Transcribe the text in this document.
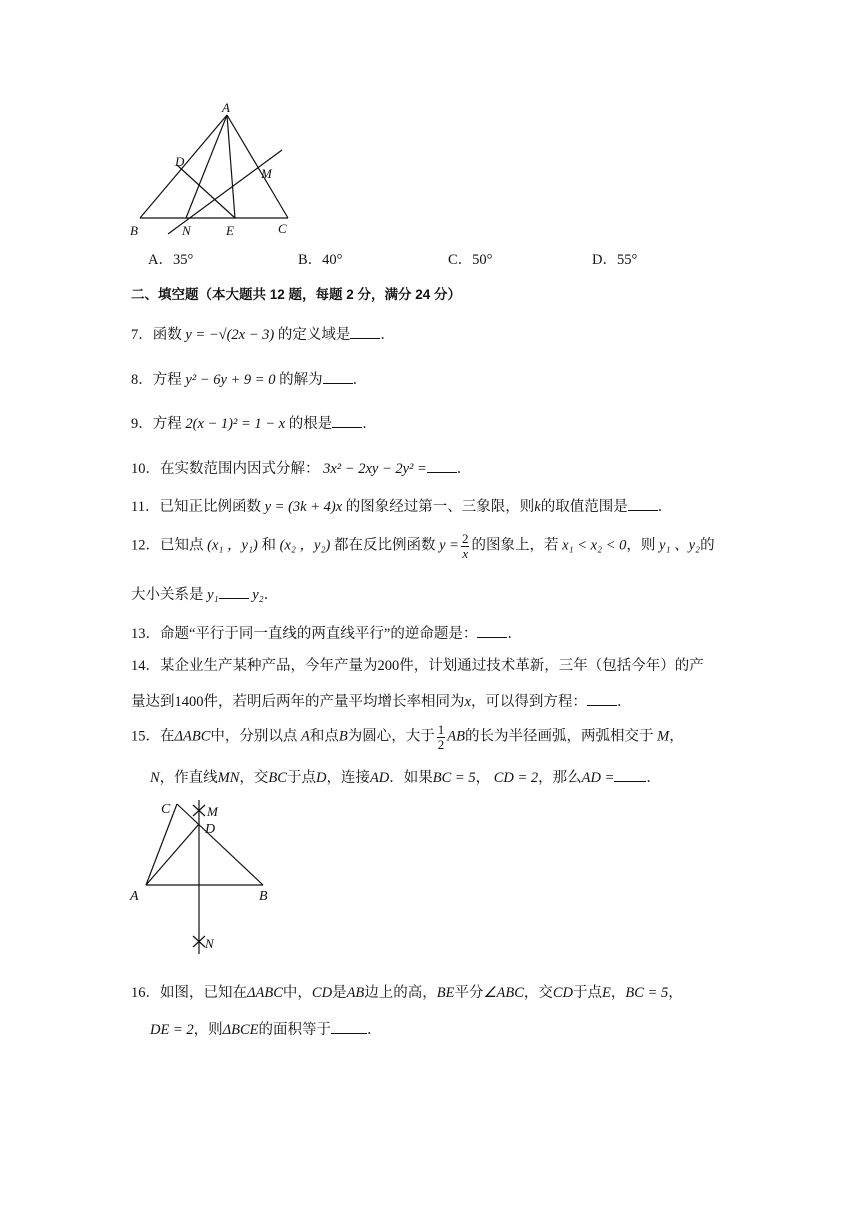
A
D
M
B	N	E	C
A．35°	B．40°	C．50°	D．55°
二、填空题（本大题共 12 题，每题 2 分，满分 24 分）
7．函数 y = −√(2x − 3) 的定义域是 ．
8．方程 y² − 6y + 9 = 0 的解为 ．
9．方程 2(x − 1)² = 1 − x 的根是 ．
10．在实数范围内因式分解： 3x² − 2xy − 2y² = ．
11．已知正比例函数 y = (3k + 4)x 的图象经过第一、三象限，则k的取值范围是 ．
12．已知点 (x₁ ，y₁) 和 (x₂ ，y₂) 都在反比例函数 $y = \frac{2}{x}$ 的图象上，若 x₁ < x₂ < 0，则 y₁ 、y₂的
大小关系是 y₁ y₂．
13．命题“平行于同一直线的两直线平行”的逆命题是： ．
14．某企业生产某种产品，今年产量为200件，计划通过技术革新，三年（包括今年）的产
量达到1400件，若明后两年的产量平均增长率相同为x，可以得到方程： ．
15．在ΔABC中，分别以点 A和点B为圆心，大于 $\frac{1}{2}$ AB的长为半径画弧，两弧相交于 M，
N，作直线MN，交BC于点D，连接AD．如果BC = 5， CD = 2，那么AD = ．
C	M
D
A	B
N
16．如图，已知在ΔABC中，CD是AB边上的高，BE平分∠ABC，交CD于点E，BC = 5，
DE = 2，则ΔBCE的面积等于 ．
